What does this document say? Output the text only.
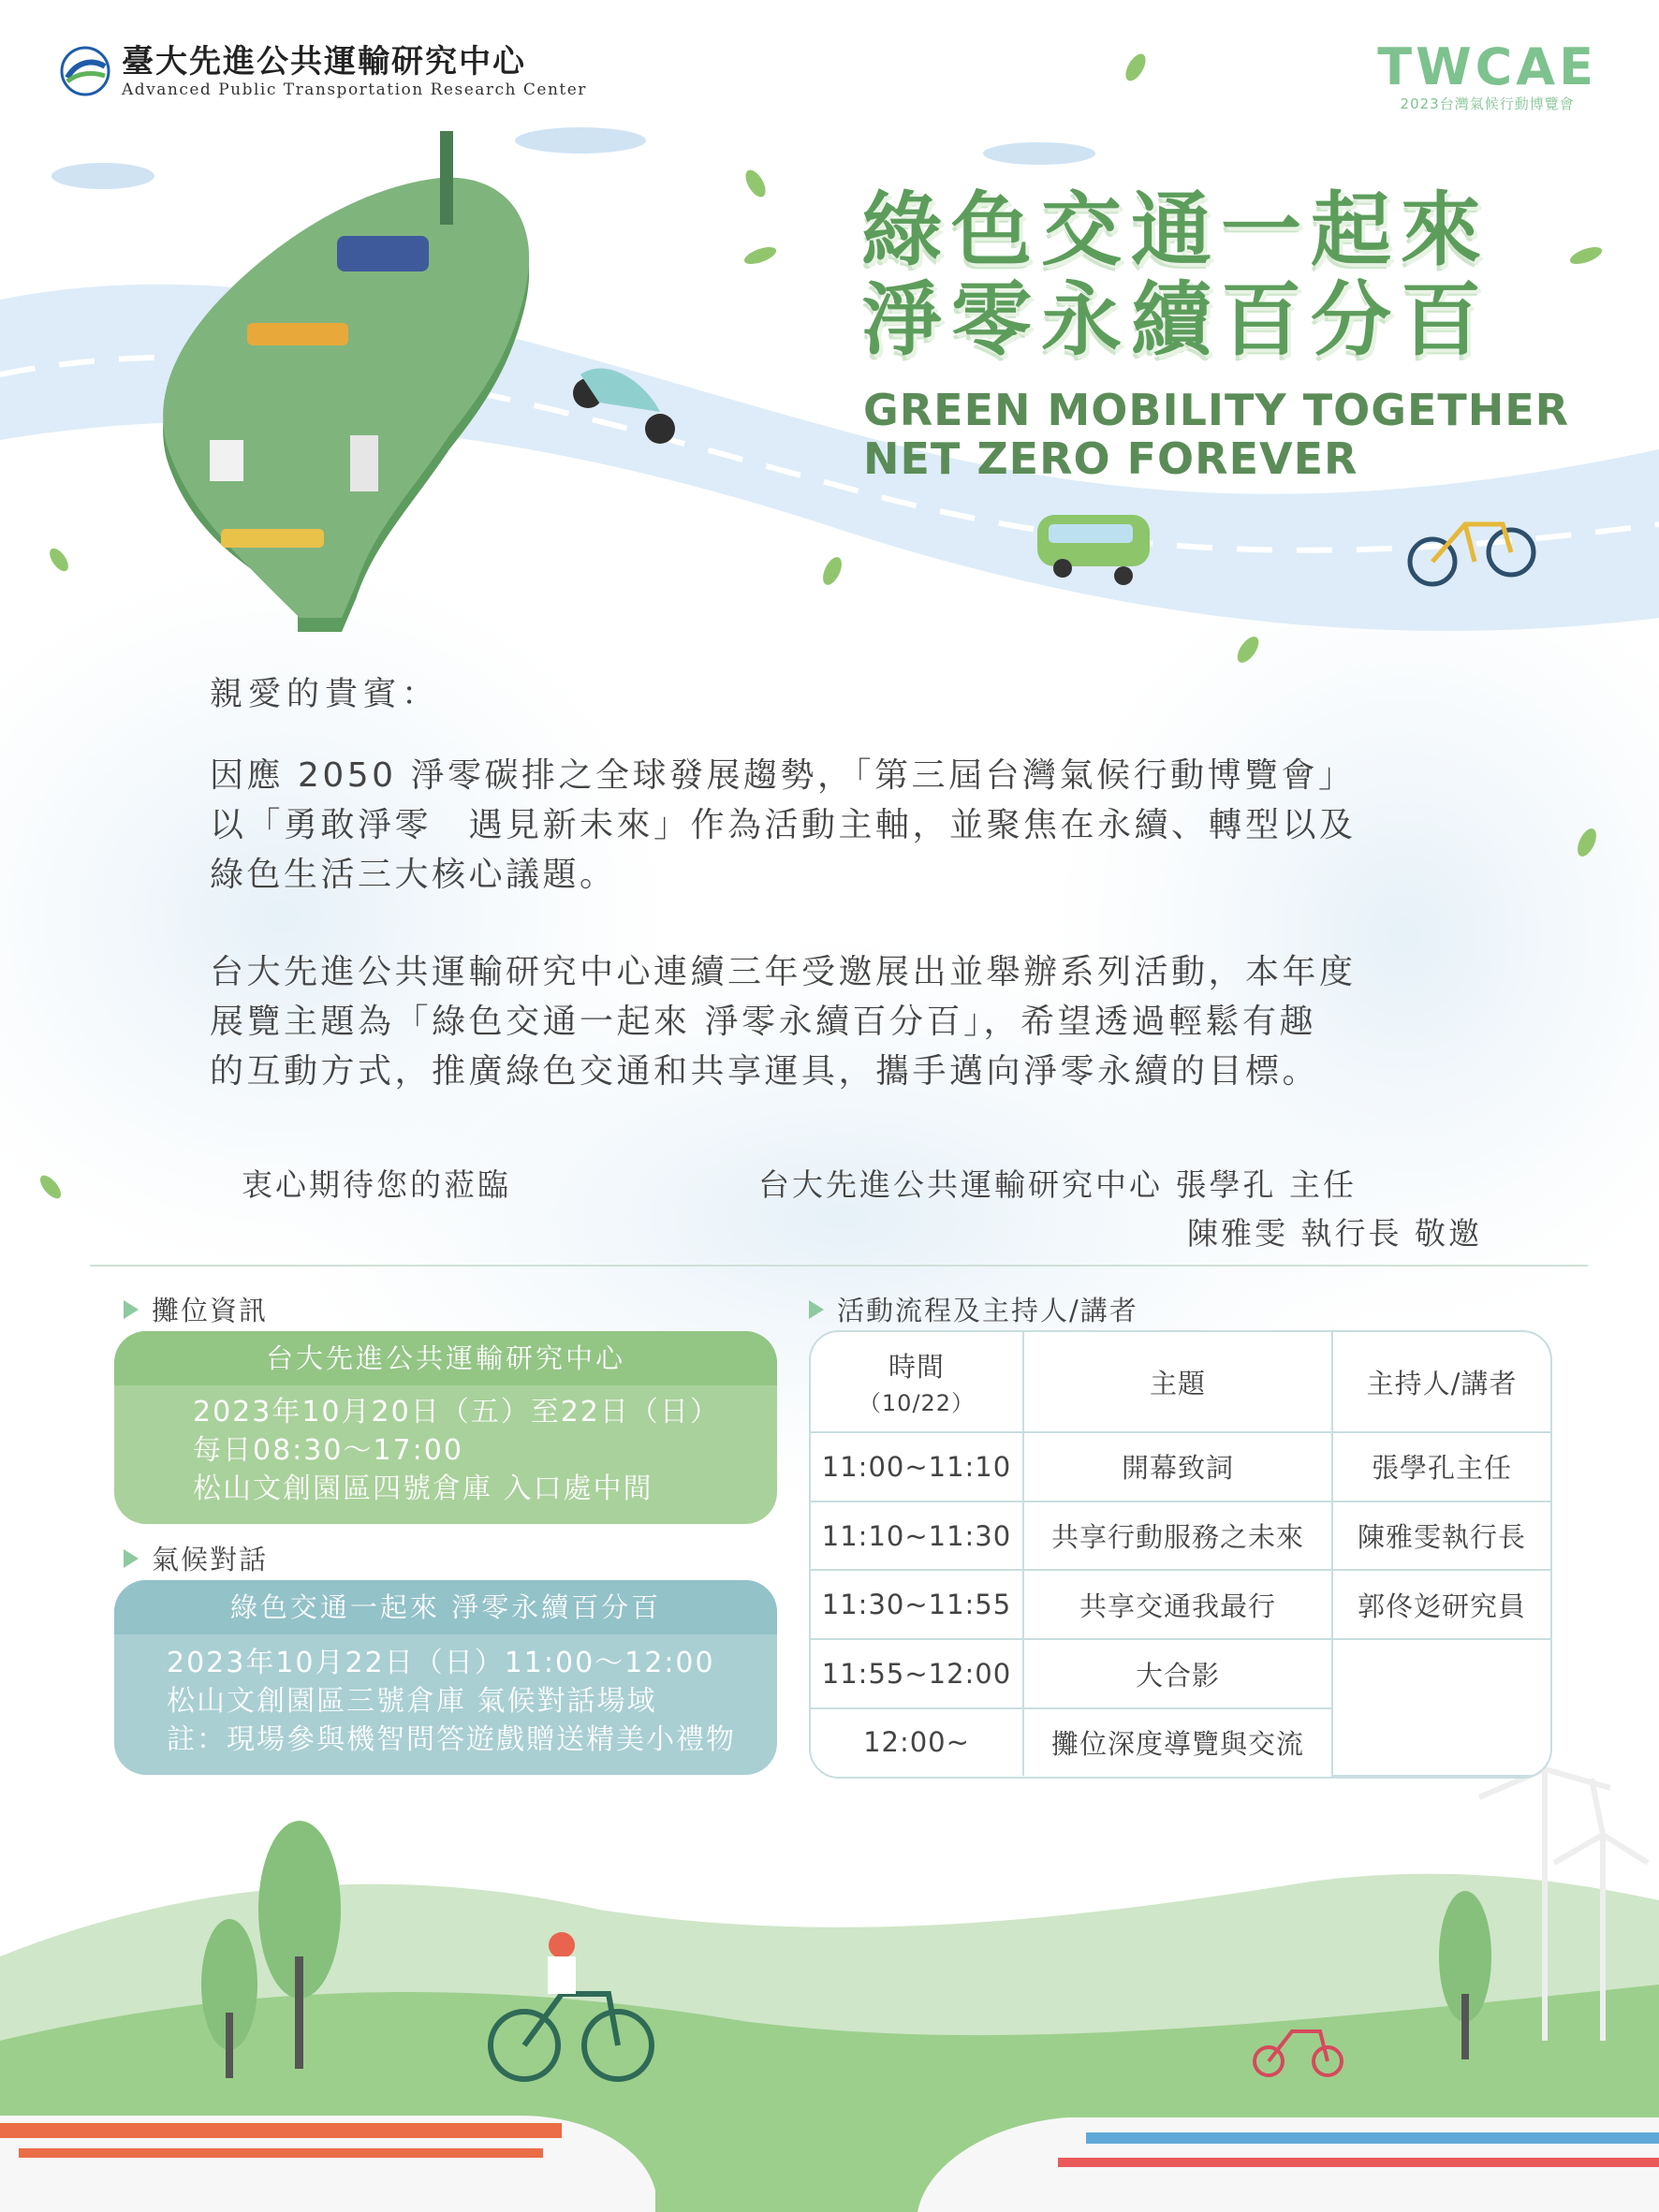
臺大先進公共運輸研究中心
Advanced Public Transportation Research Center	TWCAE
2023台灣氣候行動博覽會
綠色交通一起來
淨零永續百分百
GREEN MOBILITY TOGETHER
NET ZERO FOREVER
親愛的貴賓：
因應 2050 淨零碳排之全球發展趨勢，「第三屆台灣氣候行動博覽會」
以「勇敢淨零　遇見新未來」作為活動主軸，並聚焦在永續、轉型以及
綠色生活三大核心議題。
台大先進公共運輸研究中心連續三年受邀展出並舉辦系列活動，本年度
展覽主題為「綠色交通一起來 淨零永續百分百」，希望透過輕鬆有趣
的互動方式，推廣綠色交通和共享運具，攜手邁向淨零永續的目標。
衷心期待您的蒞臨	台大先進公共運輸研究中心 張學孔 主任
陳雅雯 執行長 敬邀
攤位資訊
台大先進公共運輸研究中心
2023年10月20日（五）至22日（日）
每日08:30～17:00
松山文創園區四號倉庫 入口處中間
氣候對話
綠色交通一起來 淨零永續百分百
2023年10月22日（日）11:00～12:00
松山文創園區三號倉庫 氣候對話場域
註：現場參與機智問答遊戲贈送精美小禮物
活動流程及主持人/講者
時間
（10/22）	主題	主持人/講者
11:00~11:10	開幕致詞	張學孔主任
11:10~11:30	共享行動服務之未來	陳雅雯執行長
11:30~11:55	共享交通我最行	郭佟彣研究員
11:55~12:00	大合影	
12:00~	攤位深度導覽與交流	
